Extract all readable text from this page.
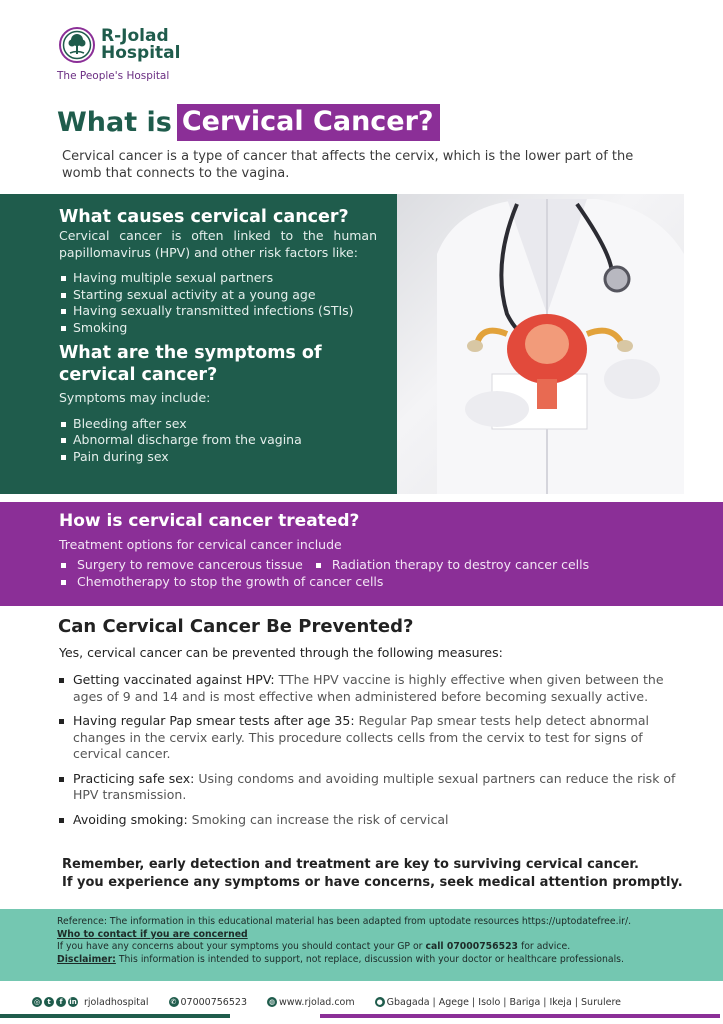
R-Jolad
Hospital
The People's Hospital
What is Cervical Cancer?

Cervical cancer is a type of cancer that affects the cervix, which is the lower part of the womb that connects to the vagina.

What causes cervical cancer?

Cervical cancer is often linked to the human papillomavirus (HPV) and other risk factors like:

Having multiple sexual partners
Starting sexual activity at a young age
Having sexually transmitted infections (STIs)
Smoking
What are the symptoms of cervical cancer?

Symptoms may include:

Bleeding after sex
Abnormal discharge from the vagina
Pain during sex
How is cervical cancer treated?

Treatment options for cervical cancer include

Surgery to remove cancerous tissue	Radiation therapy to destroy cancer cells
Chemotherapy to stop the growth of cancer cells
Can Cervical Cancer Be Prevented?

Yes, cervical cancer can be prevented through the following measures:

Getting vaccinated against HPV: TThe HPV vaccine is highly effective when given between the ages of 9 and 14 and is most effective when administered before becoming sexually active.
Having regular Pap smear tests after age 35: Regular Pap smear tests help detect abnormal changes in the cervix early. This procedure collects cells from the cervix to test for signs of cervical cancer.
Practicing safe sex: Using condoms and avoiding multiple sexual partners can reduce the risk of HPV transmission.
Avoiding smoking: Smoking can increase the risk of cervical
Remember, early detection and treatment are key to surviving cervical cancer.
If you experience any symptoms or have concerns, seek medical attention promptly.
Reference: The information in this educational material has been adapted from uptodate resources https://uptodatefree.ir/.
Who to contact if you are concerned
If you have any concerns about your symptoms you should contact your GP or call 07000756523 for advice.
Disclaimer: This information is intended to support, not replace, discussion with your doctor or healthcare professionals.
◎	t	f in rjoladhospital	✆ 07000756523	◍ www.rjolad.com	● Gbagada | Agege | Isolo | Bariga | Ikeja | Surulere
